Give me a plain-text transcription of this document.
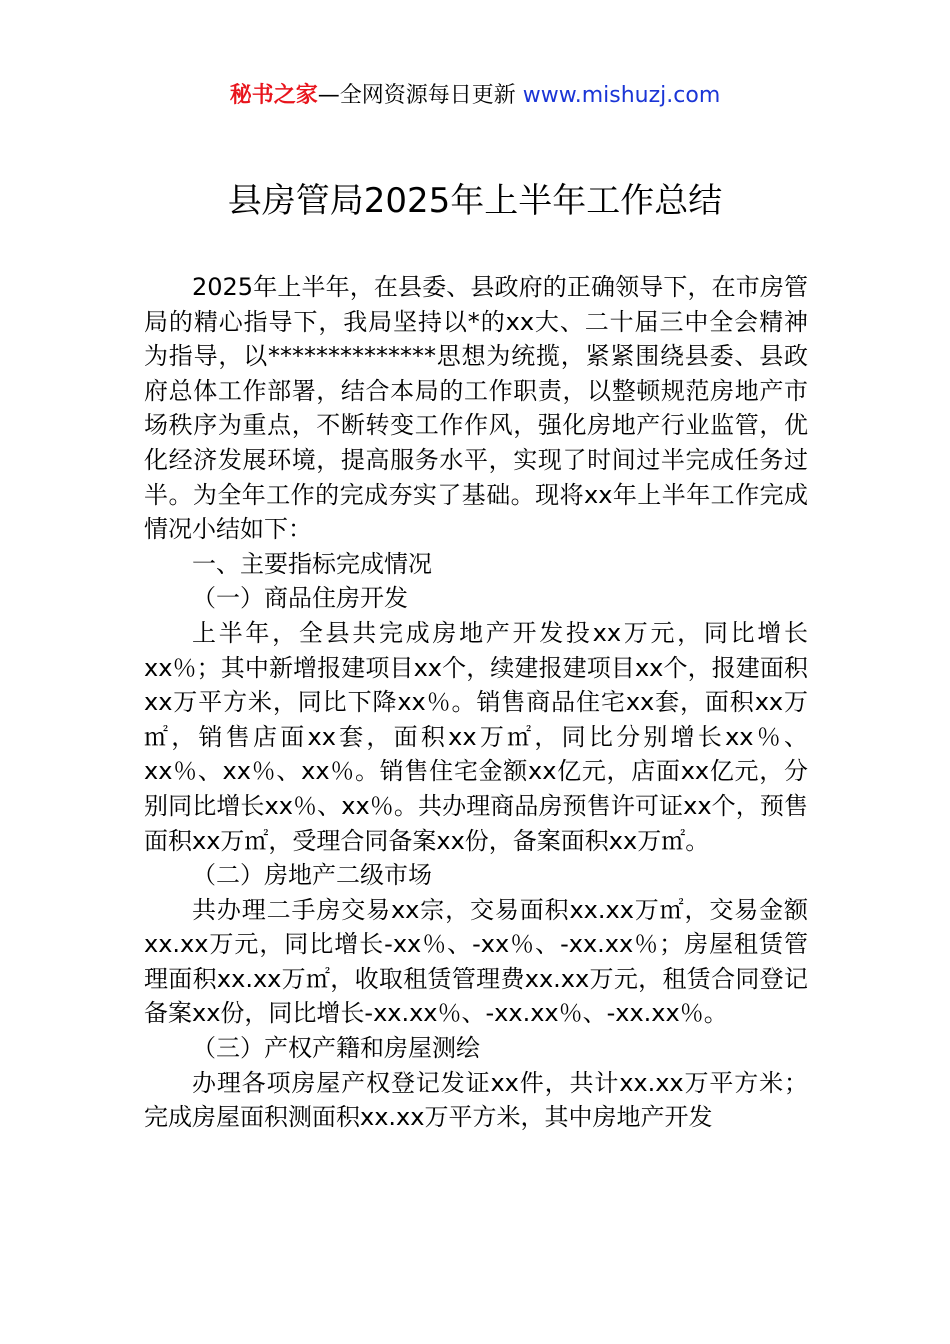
秘书之家—全网资源每日更新 www.mishuzj.com
县房管局2025年上半年工作总结

2025年上半年，在县委、县政府的正确领导下，在市房管局的精心指导下，我局坚持以*的xx大、二十届三中全会精神为指导，以**************思想为统揽，紧紧围绕县委、县政府总体工作部署，结合本局的工作职责，以整顿规范房地产市场秩序为重点，不断转变工作作风，强化房地产行业监管，优化经济发展环境，提高服务水平，实现了时间过半完成任务过半。为全年工作的完成夯实了基础。现将xx年上半年工作完成情况小结如下：

一、主要指标完成情况

（一）商品住房开发

上半年，全县共完成房地产开发投xx万元，同比增长xx％；其中新增报建项目xx个，续建报建项目xx个，报建面积xx万平方米，同比下降xx％。销售商品住宅xx套，面积xx万㎡，销售店面xx套，面积xx万㎡，同比分别增长xx％、xx％、xx％、xx％。销售住宅金额xx亿元，店面xx亿元，分别同比增长xx％、xx％。共办理商品房预售许可证xx个，预售面积xx万㎡，受理合同备案xx份，备案面积xx万㎡。

（二）房地产二级市场

共办理二手房交易xx宗，交易面积xx.xx万㎡，交易金额xx.xx万元，同比增长-xx％、-xx％、-xx.xx％；房屋租赁管理面积xx.xx万㎡，收取租赁管理费xx.xx万元，租赁合同登记备案xx份，同比增长-xx.xx％、-xx.xx％、-xx.xx％。

（三）产权产籍和房屋测绘

办理各项房屋产权登记发证xx件，共计xx.xx万平方米；完成房屋面积测面积xx.xx万平方米，其中房地产开发
